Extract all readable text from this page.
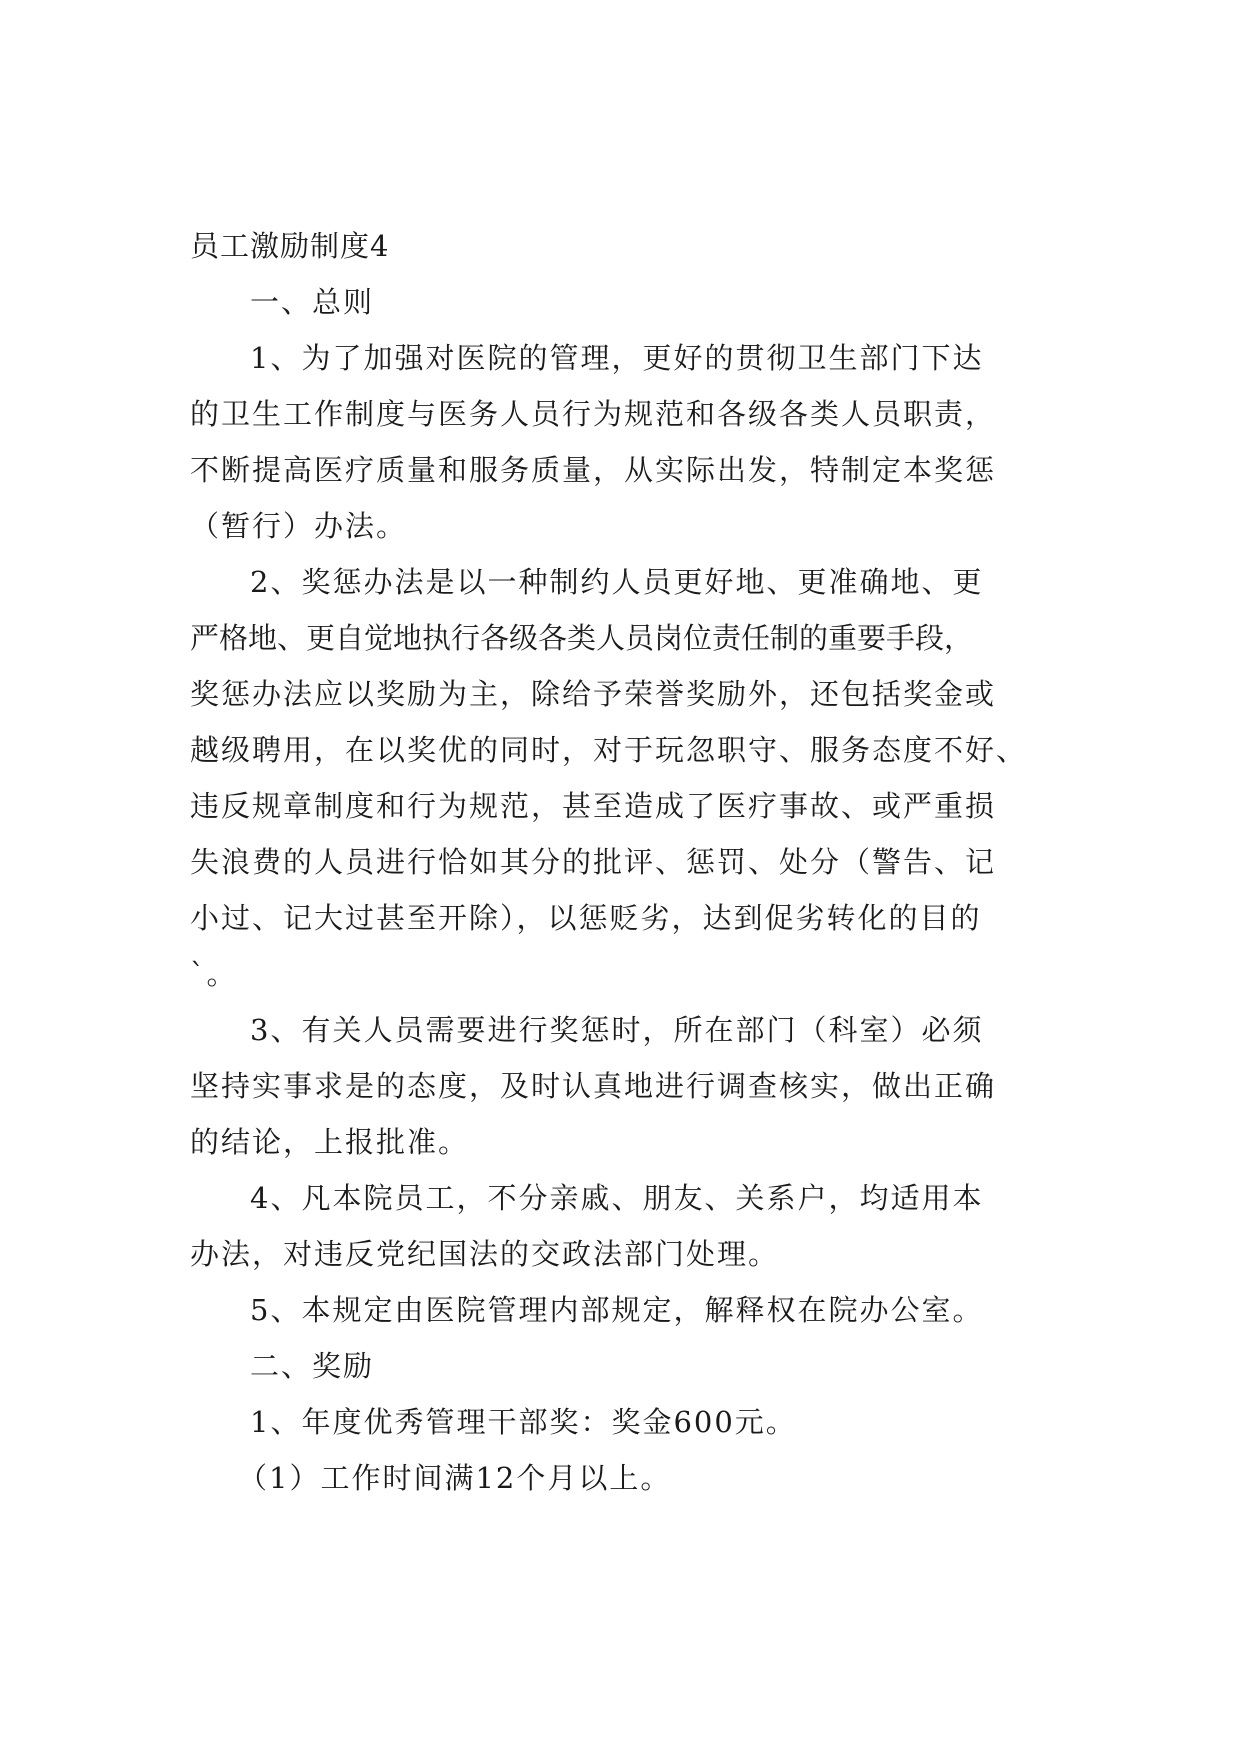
员工激励制度4
一、总则
1、为了加强对医院的管理，更好的贯彻卫生部门下达
的卫生工作制度与医务人员行为规范和各级各类人员职责，
不断提高医疗质量和服务质量，从实际出发，特制定本奖惩
（暂行）办法。
2、奖惩办法是以一种制约人员更好地、更准确地、更
严格地、更自觉地执行各级各类人员岗位责任制的重要手段，
奖惩办法应以奖励为主，除给予荣誉奖励外，还包括奖金或
越级聘用，在以奖优的同时，对于玩忽职守、服务态度不好、
违反规章制度和行为规范，甚至造成了医疗事故、或严重损
失浪费的人员进行恰如其分的批评、惩罚、处分（警告、记
小过、记大过甚至开除），以惩贬劣，达到促劣转化的目的
`。
3、有关人员需要进行奖惩时，所在部门（科室）必须
坚持实事求是的态度，及时认真地进行调查核实，做出正确
的结论，上报批准。
4、凡本院员工，不分亲戚、朋友、关系户，均适用本
办法，对违反党纪国法的交政法部门处理。
5、本规定由医院管理内部规定，解释权在院办公室。
二、奖励
1、年度优秀管理干部奖：奖金600元。
（1）工作时间满12个月以上。
